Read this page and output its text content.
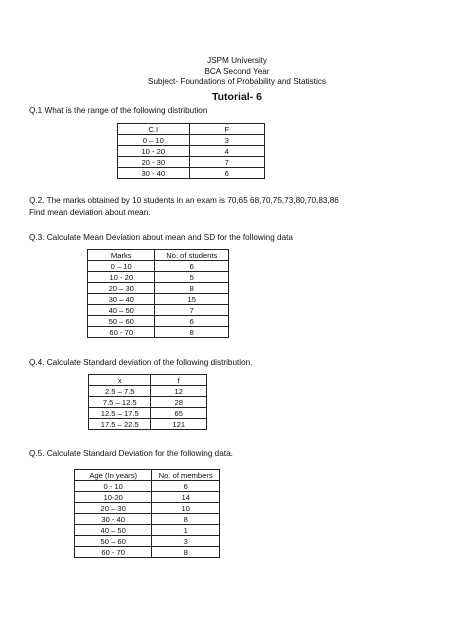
JSPM University
BCA Second Year
Subject- Foundations of Probability and Statistics
Tutorial- 6
Q.1 What is the range of the following distribution
C.I	F
0 – 10	3
10 - 20	4
20 - 30	7
30 - 40	6
Q.2. The marks obtained by 10 students in an exam is 70,65 68,70,75,73,80,70,83,86
Find mean deviation about mean.
Q.3. Calculate Mean Deviation about mean and SD for the following data
Marks	No. of students
0 – 10	6
10 - 20	5
20 – 30	8
30 – 40	15
40 – 50	7
50 – 60	6
60 - 70	8
Q.4. Calculate Standard deviation of the following distribution.
x	f
2.5 – 7.5	12
7.5 – 12.5	28
12.5 – 17.5	65
17.5 – 22.5	121
Q.5. Calculate Standard Deviation for the following data.
Age (In years)	No. of members
0 - 10	6
10-20	14
20 – 30	10
30 - 40	8
40 – 50	1
50 – 60	3
60 - 70	8
